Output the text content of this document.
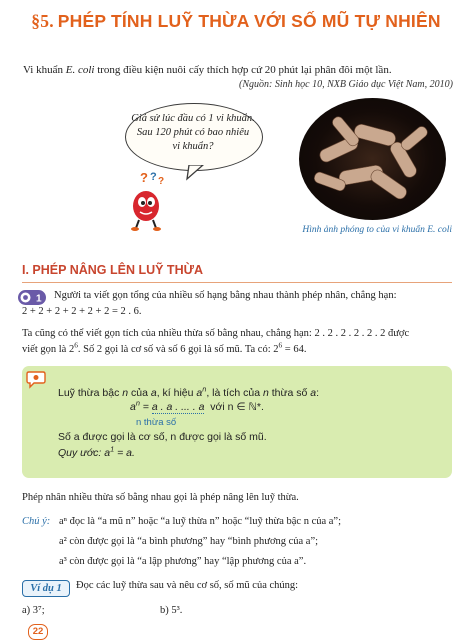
§5. PHÉP TÍNH LUỸ THỪA VỚI SỐ MŨ TỰ NHIÊN
Vi khuẩn E. coli trong điều kiện nuôi cấy thích hợp cứ 20 phút lại phân đôi một lần.
(Nguồn: Sinh học 10, NXB Giáo dục Việt Nam, 2010)
Giả sử lúc đầu có 1 vi khuẩn.
Sau 120 phút có bao nhiêu
vi khuẩn?
? ? ?
Hình ảnh phóng to của vi khuẩn E. coli
I. PHÉP NÂNG LÊN LUỸ THỪA
1 Người ta viết gọn tổng của nhiều số hạng bằng nhau thành phép nhân, chẳng hạn:
2 + 2 + 2 + 2 + 2 + 2 = 2 . 6.
Ta cũng có thể viết gọn tích của nhiều thừa số bằng nhau, chẳng hạn: 2 . 2 . 2 . 2 . 2 . 2 được
viết gọn là $2^6$. Số 2 gọi là cơ số và số 6 gọi là số mũ. Ta có: $2^6 = 64$.
Luỹ thừa bậc n của a, kí hiệu $a^n$, là tích của n thừa số a:
$a^n = a$ . a . ... . a với n ∈ ℕ*.
n thừa số
Số a được gọi là cơ số, n được gọi là số mũ.
Quy ước: $a^1 = a$.
Phép nhân nhiều thừa số bằng nhau gọi là phép nâng lên luỹ thừa.
Chú ý: aⁿ đọc là “a mũ n” hoặc “a luỹ thừa n” hoặc “luỹ thừa bậc n của a”;
a² còn được gọi là “a bình phương” hay “bình phương của a”;
a³ còn được gọi là “a lập phương” hay “lập phương của a”.
Ví dụ 1	Đọc các luỹ thừa sau và nêu cơ số, số mũ của chúng:
a) 3⁷;	b) 5³.
22
